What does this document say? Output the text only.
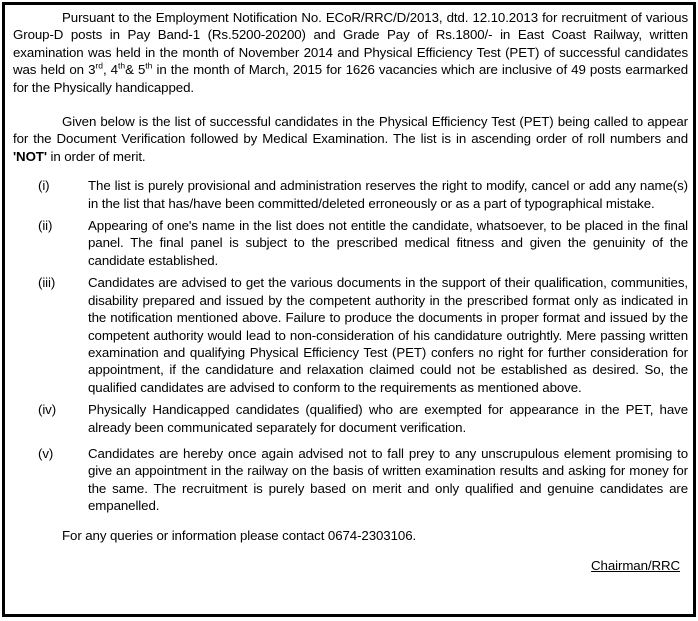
Pursuant to the Employment Notification No. ECoR/RRC/D/2013, dtd. 12.10.2013 for recruitment of various Group-D posts in Pay Band-1 (Rs.5200-20200) and Grade Pay of Rs.1800/- in East Coast Railway, written examination was held in the month of November 2014 and Physical Efficiency Test (PET) of successful candidates was held on 3rd, 4th& 5th in the month of March, 2015 for 1626 vacancies which are inclusive of 49 posts earmarked for the Physically handicapped.

Given below is the list of successful candidates in the Physical Efficiency Test (PET) being called to appear for the Document Verification followed by Medical Examination. The list is in ascending order of roll numbers and 'NOT' in order of merit.

(i)	The list is purely provisional and administration reserves the right to modify, cancel or add any name(s) in the list that has/have been committed/deleted erroneously or as a part of typographical mistake.
(ii)	Appearing of one's name in the list does not entitle the candidate, whatsoever, to be placed in the final panel. The final panel is subject to the prescribed medical fitness and given the genuinity of the candidate established.
(iii)	Candidates are advised to get the various documents in the support of their qualification, communities, disability prepared and issued by the competent authority in the prescribed format only as indicated in the notification mentioned above. Failure to produce the documents in proper format and issued by the competent authority would lead to non-consideration of his candidature outrightly. Mere passing written examination and qualifying Physical Efficiency Test (PET) confers no right for further consideration for appointment, if the candidature and relaxation claimed could not be established as desired. So, the qualified candidates are advised to conform to the requirements as mentioned above.
(iv)	Physically Handicapped candidates (qualified) who are exempted for appearance in the PET, have already been communicated separately for document verification.
(v)	Candidates are hereby once again advised not to fall prey to any unscrupulous element promising to give an appointment in the railway on the basis of written examination results and asking for money for the same. The recruitment is purely based on merit and only qualified and genuine candidates are empanelled.

For any queries or information please contact 0674-2303106.

Chairman/RRC
